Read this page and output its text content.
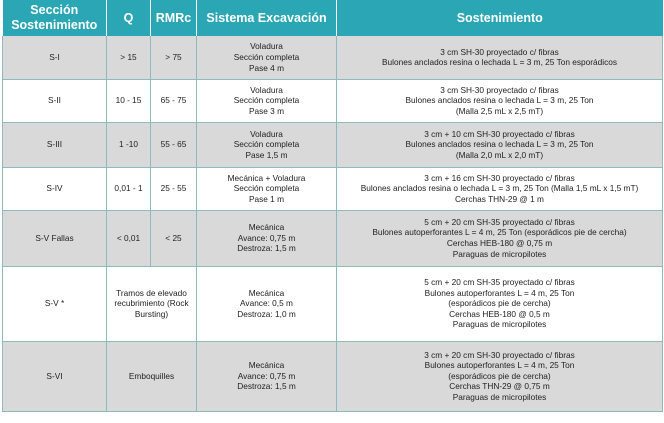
Sección
Sostenimiento	Q	RMRc	Sistema Excavación	Sostenimiento
S-I	> 15	> 75	Voladura
Sección completa
Pase 4 m	3 cm SH-30 proyectado c/ fibras
Bulones anclados resina o lechada L = 3 m, 25 Ton esporádicos

S-II	10 - 15	65 - 75	Voladura
Sección completa
Pase 3 m	3 cm SH-30 proyectado c/ fibras
Bulones anclados resina o lechada L = 3 m, 25 Ton
(Malla 2,5 mL x 2,5 mT)

S-III	1 -10	55 - 65	Voladura
Sección completa
Pase 1,5 m	3 cm + 10 cm SH-30 proyectado c/ fibras
Bulones anclados resina o lechada L = 3 m, 25 Ton
(Malla 2,0 mL x 2,0 mT)

S-IV	0,01 - 1	25 - 55	Mecánica + Voladura
Sección completa
Pase 1 m	3 cm + 16 cm SH-30 proyectado c/ fibras
Bulones anclados resina o lechada L = 3 m, 25 Ton (Malla 1,5 mL x 1,5 mT)
Cerchas THN-29 @ 1 m

S-V Fallas	< 0,01	< 25	Mecánica
Avance: 0,75 m
Destroza: 1,5 m	5 cm + 20 cm SH-35 proyectado c/ fibras
Bulones autoperforantes L = 4 m, 25 Ton (esporádicos pie de cercha)
Cerchas HEB-180 @ 0,75 m
Paraguas de micropilotes

S-V *	Tramos de elevado
recubrimiento (Rock
Bursting)		Mecánica
Avance: 0,5 m
Destroza: 1,0 m	5 cm + 20 cm SH-35 proyectado c/ fibras
Bulones autoperforantes L = 4 m, 25 Ton
(esporádicos pie de cercha)
Cerchas HEB-180 @ 0,5 m
Paraguas de micropilotes

S-VI	Emboquilles		Mecánica
Avance: 0,75 m
Destroza: 1,5 m	3 cm + 20 cm SH-30 proyectado c/ fibras
Bulones autoperforantes L = 4 m, 25 Ton
(esporádicos pie de cercha)
Cerchas THN-29 @ 0,75 m
Paraguas de micropilotes
